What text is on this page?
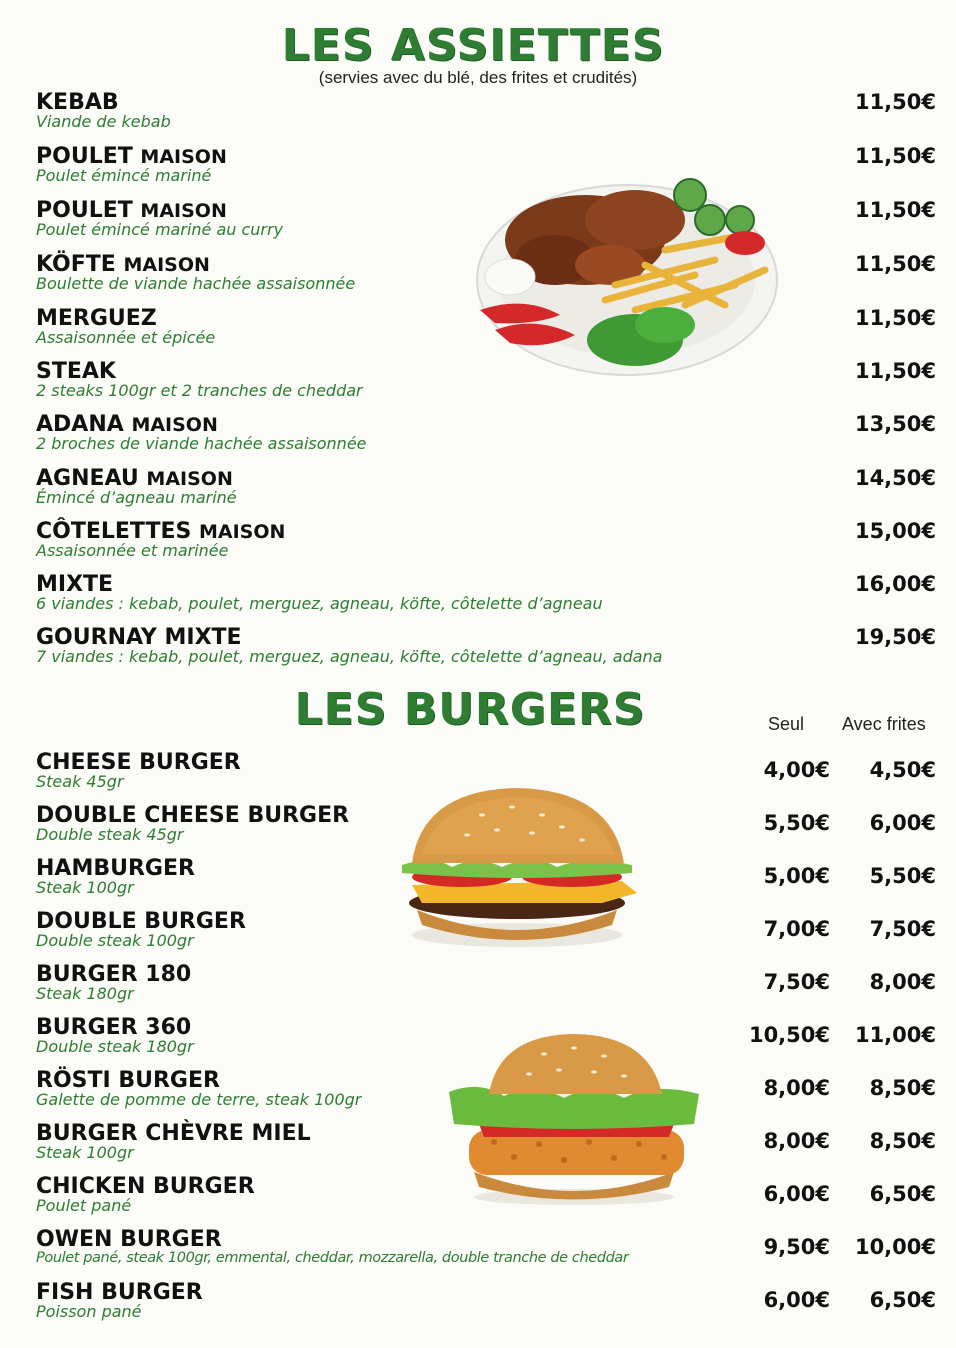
LES ASSIETTES
(servies avec du blé, des frites et crudités)
KEBAB
Viande de kebab
11,50€
POULET MAISON
Poulet émincé mariné
11,50€
POULET MAISON
Poulet émincé mariné au curry
11,50€
KÖFTE MAISON
Boulette de viande hachée assaisonnée
11,50€
MERGUEZ
Assaisonnée et épicée
11,50€
STEAK
2 steaks 100gr et 2 tranches de cheddar
11,50€
ADANA MAISON
2 broches de viande hachée assaisonnée
13,50€
AGNEAU MAISON
Émincé d’agneau mariné
14,50€
CÔTELETTES MAISON
Assaisonnée et marinée
15,00€
MIXTE
6 viandes : kebab, poulet, merguez, agneau, köfte, côtelette d’agneau
16,00€
GOURNAY MIXTE
7 viandes : kebab, poulet, merguez, agneau, köfte, côtelette d’agneau, adana
19,50€
LES BURGERS	Seul Avec frites
CHEESE BURGER
Steak 45gr	4,00€	4,50€
DOUBLE CHEESE BURGER
Double steak 45gr	5,50€	6,00€
HAMBURGER
Steak 100gr	5,00€	5,50€
DOUBLE BURGER
Double steak 100gr	7,00€	7,50€
BURGER 180
Steak 180gr	7,50€	8,00€
BURGER 360
Double steak 180gr	10,50€	11,00€
RÖSTI BURGER
Galette de pomme de terre, steak 100gr	8,00€	8,50€
BURGER CHÈVRE MIEL
Steak 100gr	8,00€	8,50€
CHICKEN BURGER
Poulet pané	6,00€	6,50€
OWEN BURGER
Poulet pané, steak 100gr, emmental, cheddar, mozzarella, double tranche de cheddar	9,50€	10,00€
FISH BURGER
Poisson pané	6,00€	6,50€
